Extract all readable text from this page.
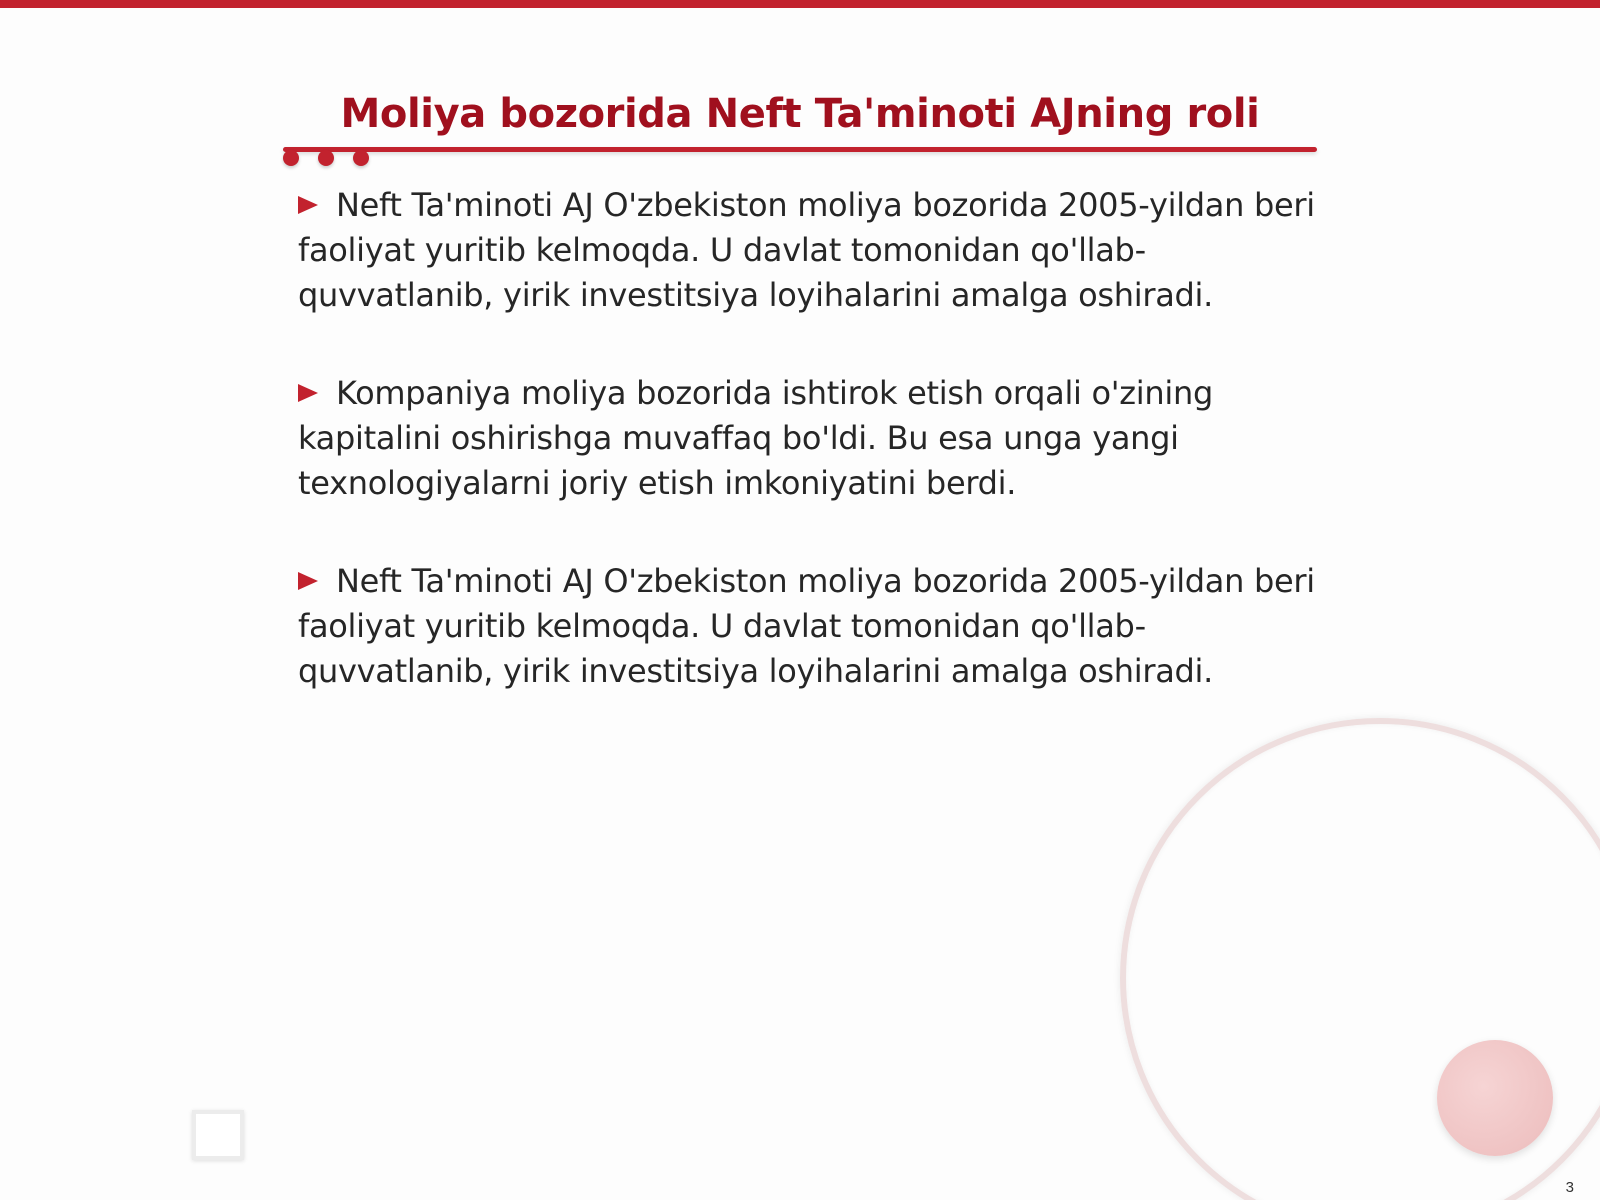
Moliya bozorida Neft Ta'minoti AJning roli
Neft Ta'minoti AJ O'zbekiston moliya bozorida 2005-yildan beri faoliyat yuritib kelmoqda. U davlat tomonidan qo'llab-quvvatlanib, yirik investitsiya loyihalarini amalga oshiradi.
Kompaniya moliya bozorida ishtirok etish orqali o'zining kapitalini oshirishga muvaffaq bo'ldi. Bu esa unga yangi texnologiyalarni joriy etish imkoniyatini berdi.
Neft Ta'minoti AJ O'zbekiston moliya bozorida 2005-yildan beri faoliyat yuritib kelmoqda. U davlat tomonidan qo'llab-quvvatlanib, yirik investitsiya loyihalarini amalga oshiradi.
3
